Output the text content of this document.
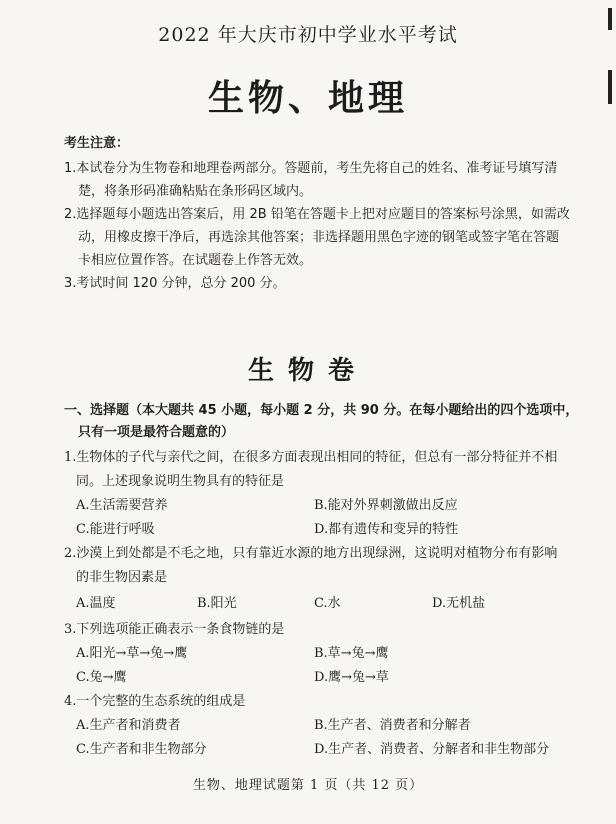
2022 年大庆市初中学业水平考试
生物、地理
考生注意：
1.本试卷分为生物卷和地理卷两部分。答题前，考生先将自己的姓名、准考证号填写清
楚，将条形码准确粘贴在条形码区域内。
2.选择题每小题选出答案后，用 2B 铅笔在答题卡上把对应题目的答案标号涂黑，如需改
动，用橡皮擦干净后，再选涂其他答案；非选择题用黑色字迹的钢笔或签字笔在答题
卡相应位置作答。在试题卷上作答无效。
3.考试时间 120 分钟，总分 200 分。
生物卷
一、选择题（本大题共 45 小题，每小题 2 分，共 90 分。在每小题给出的四个选项中，
只有一项是最符合题意的）
1.生物体的子代与亲代之间，在很多方面表现出相同的特征，但总有一部分特征并不相
同。上述现象说明生物具有的特征是
A.生活需要营养	B.能对外界刺激做出反应
C.能进行呼吸	D.都有遗传和变异的特性
2.沙漠上到处都是不毛之地，只有靠近水源的地方出现绿洲，这说明对植物分布有影响
的非生物因素是
A.温度	B.阳光	C.水	D.无机盐
3.下列选项能正确表示一条食物链的是
A.阳光→草→兔→鹰	B.草→兔→鹰
C.兔→鹰	D.鹰→兔→草
4.一个完整的生态系统的组成是
A.生产者和消费者	B.生产者、消费者和分解者
C.生产者和非生物部分	D.生产者、消费者、分解者和非生物部分
生物、地理试题第 1 页（共 12 页）
